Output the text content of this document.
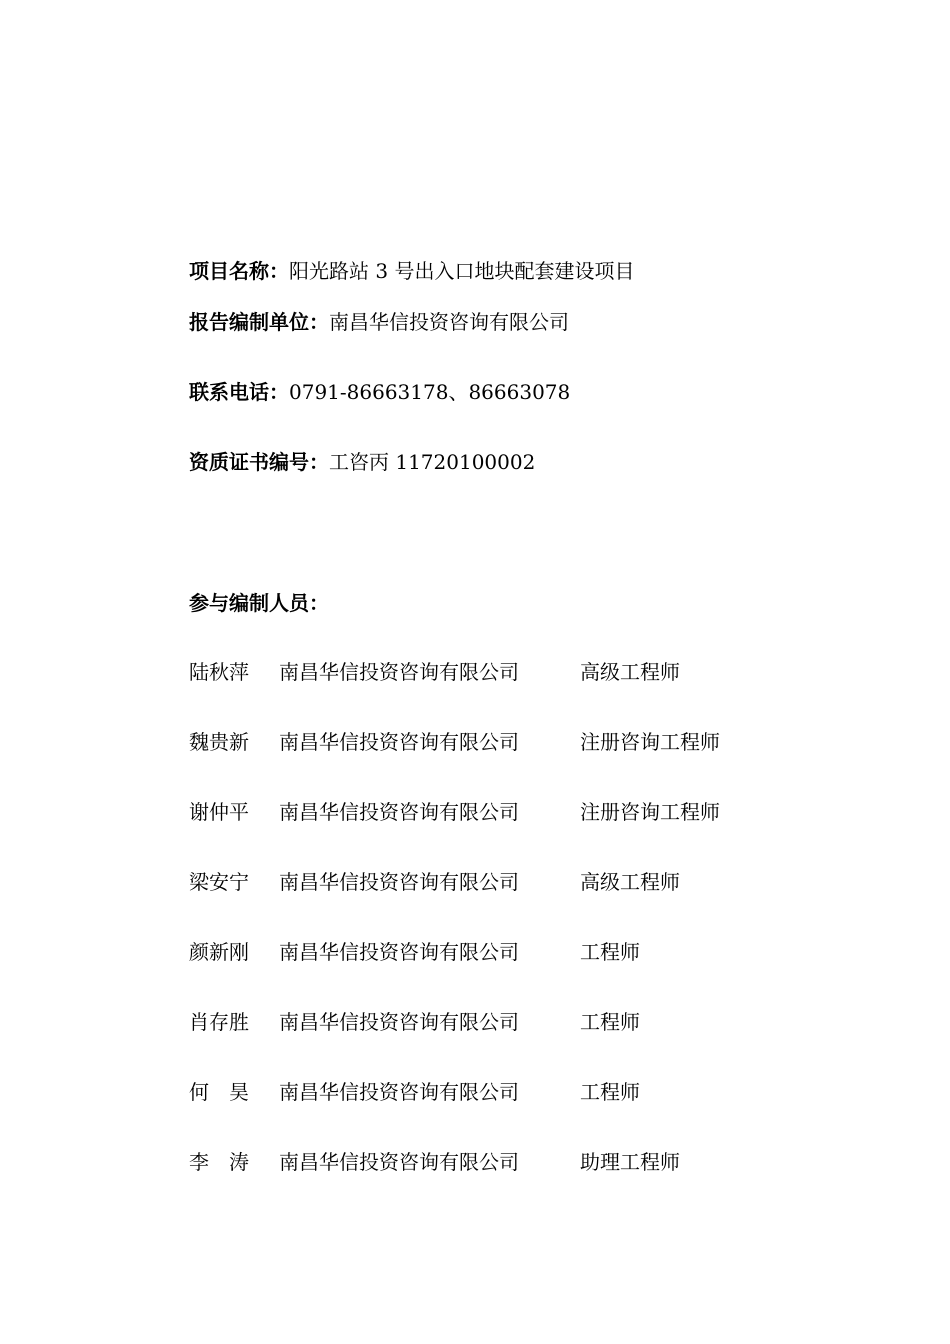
项目名称：阳光路站 3 号出入口地块配套建设项目
报告编制单位：南昌华信投资咨询有限公司
联系电话：0791-86663178、86663078
资质证书编号：工咨丙 11720100002
参与编制人员：
陆秋萍 南昌华信投资咨询有限公司	高级工程师
魏贵新 南昌华信投资咨询有限公司	注册咨询工程师
谢仲平 南昌华信投资咨询有限公司	注册咨询工程师
梁安宁 南昌华信投资咨询有限公司	高级工程师
颜新刚 南昌华信投资咨询有限公司	工程师
肖存胜 南昌华信投资咨询有限公司	工程师
何　昊 南昌华信投资咨询有限公司	工程师
李　涛 南昌华信投资咨询有限公司	助理工程师
